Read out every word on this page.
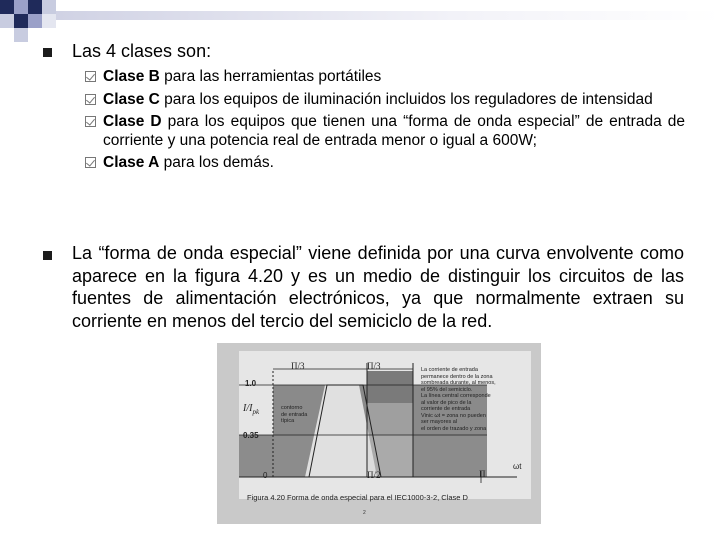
Las 4 clases son:
Clase B para las herramientas portátiles
Clase C para los equipos de iluminación incluidos los reguladores de intensidad
Clase D para los equipos que tienen una “forma de onda especial” de entrada de corriente y una potencia real de entrada menor o igual a 600W;
Clase A para los demás.
La “forma de onda especial” viene definida por una curva envolvente como aparece en la figura 4.20 y es un medio de distinguir los circuitos de las fuentes de alimentación electrónicos, ya que normalmente extraen su corriente en menos del tercio del semiciclo de la red.
Π/3	Π/3
1.0
0.35
$I/I_{pk}$
0	Π/2	Π
ωt
contorno
de entrada
típica
La corriente de entrada
permanece dentro de la zona
sombreada durante, al menos,
el 95% del semiciclo.
La línea central corresponde
al valor de pico de la
corriente de entrada
Vinic ωt = zona no pueden
ser mayores al
el orden de trazado y zona
Figura 4.20 Forma de onda especial para el IEC1000-3-2, Clase D
2
